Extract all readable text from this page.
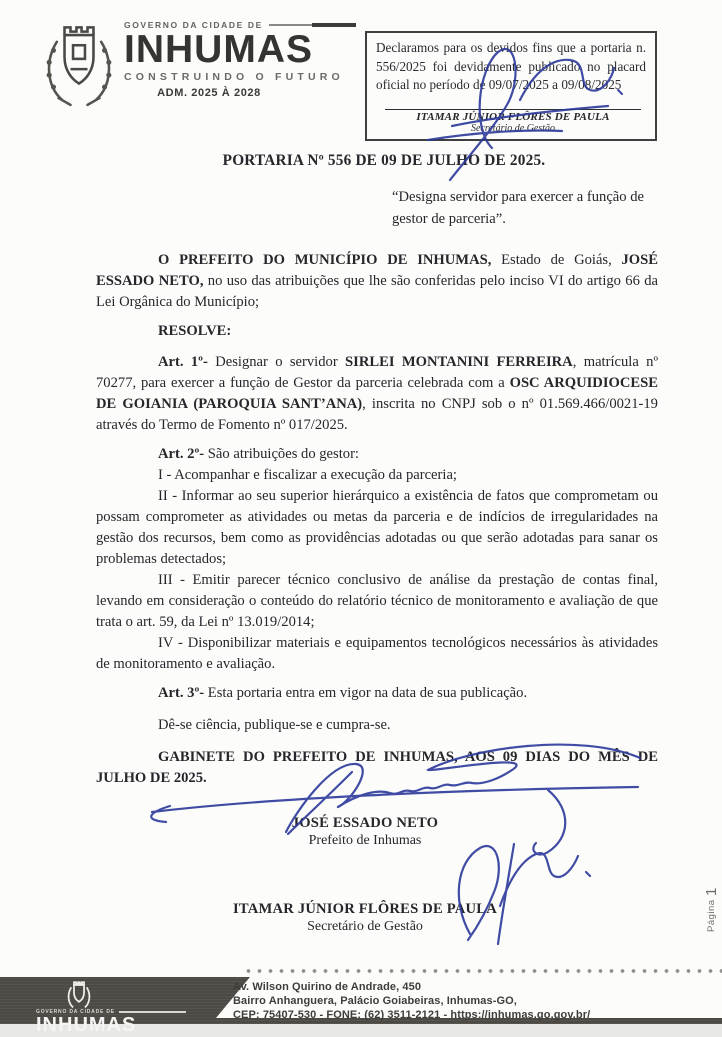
GOVERNO DA CIDADE DE
INHUMAS
CONSTRUINDO O FUTURO
ADM. 2025 À 2028
Declaramos para os devidos fins que a portaria n. 556/2025 foi devidamente publicado no placard oficial no período de 09/07/2025 a 09/08/2025
ITAMAR JÚNIOR FLÔRES DE PAULA
Secretário de Gestão
PORTARIA Nº 556 DE 09 DE JULHO DE 2025.
“Designa servidor para exercer a função de gestor de parceria”.

O PREFEITO DO MUNICÍPIO DE INHUMAS, Estado de Goiás, JOSÉ ESSADO NETO, no uso das atribuições que lhe são conferidas pelo inciso VI do artigo 66 da Lei Orgânica do Município;

RESOLVE:

Art. 1º- Designar o servidor SIRLEI MONTANINI FERREIRA, matrícula nº 70277, para exercer a função de Gestor da parceria celebrada com a OSC ARQUIDIOCESE DE GOIANIA (PAROQUIA SANT’ANA), inscrita no CNPJ sob o nº 01.569.466/0021-19 através do Termo de Fomento nº 017/2025.

Art. 2º- São atribuições do gestor:

I - Acompanhar e fiscalizar a execução da parceria;

II - Informar ao seu superior hierárquico a existência de fatos que comprometam ou possam comprometer as atividades ou metas da parceria e de indícios de irregularidades na gestão dos recursos, bem como as providências adotadas ou que serão adotadas para sanar os problemas detectados;

III - Emitir parecer técnico conclusivo de análise da prestação de contas final, levando em consideração o conteúdo do relatório técnico de monitoramento e avaliação de que trata o art. 59, da Lei nº 13.019/2014;

IV - Disponibilizar materiais e equipamentos tecnológicos necessários às atividades de monitoramento e avaliação.

Art. 3º- Esta portaria entra em vigor na data de sua publicação.

Dê-se ciência, publique-se e cumpra-se.

GABINETE DO PREFEITO DE INHUMAS, AOS 09 DIAS DO MÊS DE JULHO DE 2025.

JOSÉ ESSADO NETO
Prefeito de Inhumas
ITAMAR JÚNIOR FLÔRES DE PAULA
Secretário de Gestão	Página
1
GOVERNO DA CIDADE DE
INHUMAS
Av. Wilson Quirino de Andrade, 450
Bairro Anhanguera, Palácio Goiabeiras, Inhumas-GO,
CEP: 75407-530 - FONE: (62) 3511-2121 - https://inhumas.go.gov.br/
